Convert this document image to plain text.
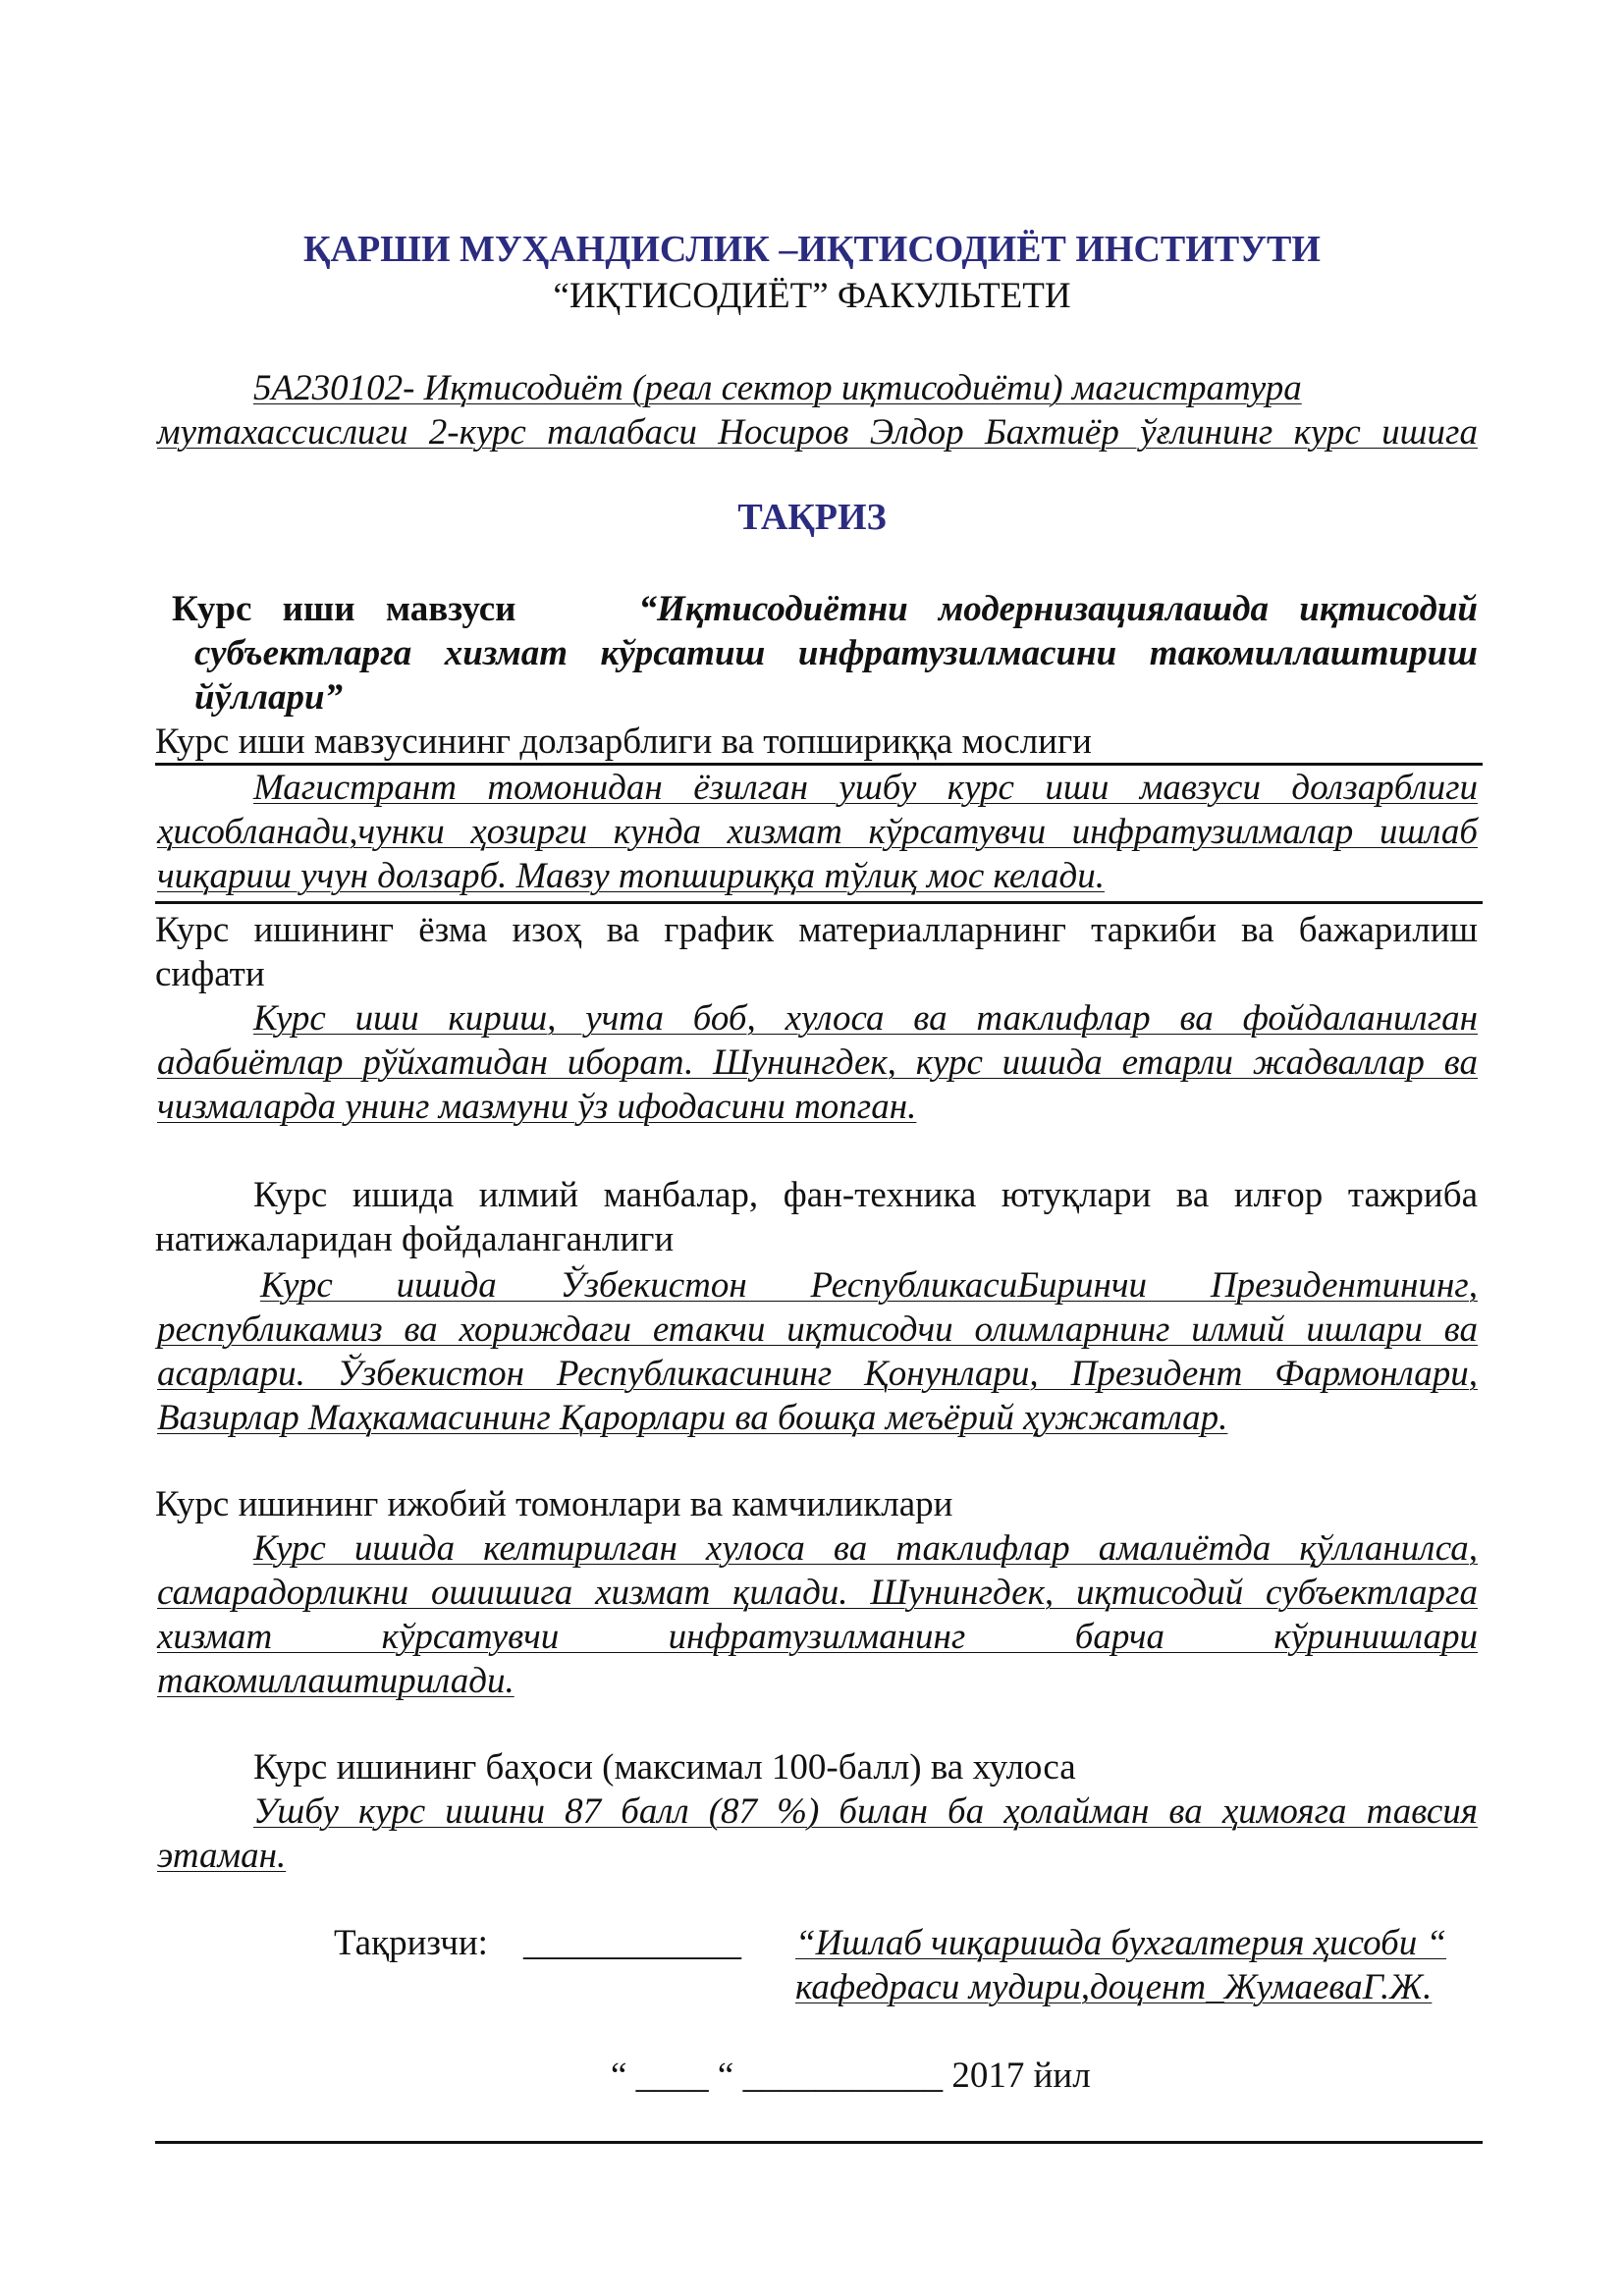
ҚАРШИ МУҲАНДИСЛИК –ИҚТИСОДИЁТ ИНСТИТУТИ
“ИҚТИСОДИЁТ” ФАКУЛЬТЕТИ
5А230102- Иқтисодиёт (реал сектор иқтисодиёти) магистратура
мутахассислиги 2-курс талабаси Носиров Элдор Бахтиёр ўғлининг курс ишига
ТАҚРИЗ
Курс иши мавзуси	“Иқтисодиётни модернизациялашда иқтисодий
субъектларга хизмат кўрсатиш инфратузилмасини такомиллаштириш
йўллари”
Курс иши мавзусининг долзарблиги ва топшириққа мослиги
Магистрант томонидан ёзилган ушбу курс иши мавзуси долзарблиги
ҳисобланади,чунки ҳозирги кунда хизмат кўрсатувчи инфратузилмалар ишлаб
чиқариш учун долзарб. Мавзу топшириққа тўлиқ мос келади.
Курс ишининг ёзма изоҳ ва график материалларнинг таркиби ва бажарилиш
сифати
Курс иши кириш, учта боб, хулоса ва таклифлар ва фойдаланилган
адабиётлар рўйхатидан иборат. Шунингдек, курс ишида етарли жадваллар ва
чизмаларда унинг мазмуни ўз ифодасини топган.
Курс ишида илмий манбалар, фан-техника ютуқлари ва илғор тажриба
натижаларидан фойдаланганлиги
Курс ишида Ўзбекистон РеспубликасиБиринчи Президентининг,
республикамиз ва хориждаги етакчи иқтисодчи олимларнинг илмий ишлари ва
асарлари. Ўзбекистон Республикасининг Қонунлари, Президент Фармонлари,
Вазирлар Маҳкамасининг Қарорлари ва бошқа меъёрий ҳужжатлар.
Курс ишининг ижобий томонлари ва камчиликлари
Курс ишида келтирилган хулоса ва таклифлар амалиётда қўлланилса,
самарадорликни ошишига хизмат қилади. Шунингдек, иқтисодий субъектларга
хизмат кўрсатувчи инфратузилманинг барча кўринишлари
такомиллаштирилади.
Курс ишининг баҳоси (максимал 100-балл) ва хулоса
Ушбу курс ишини 87 балл (87 %) билан ба ҳолайман ва ҳимояга тавсия
этаман.
Тақризчи: ____________ “Ишлаб чиқаришда бухгалтерия ҳисоби “
кафедраси мудири,доцент_ЖумаеваГ.Ж.
“ ____ “ ___________ 2017 йил
